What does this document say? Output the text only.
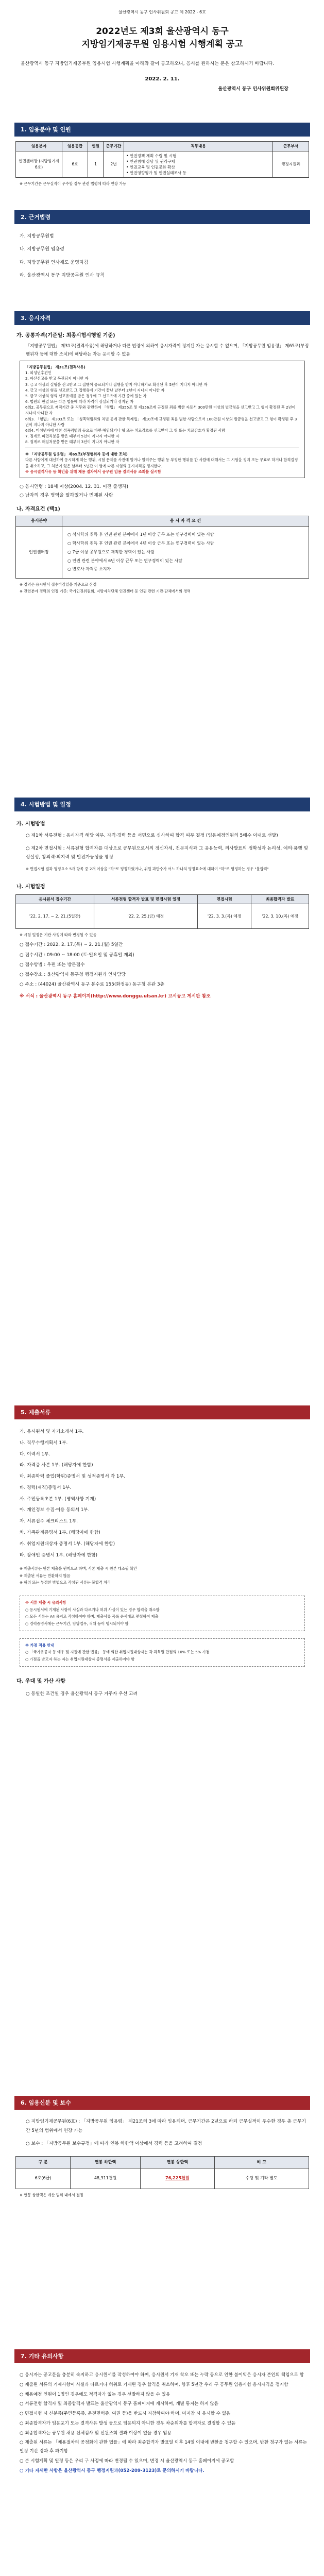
울산광역시 동구 인사위원회 공고 제 2022 - 6호
2022년도 제3회 울산광역시 동구
지방임기제공무원 임용시험 시행계획 공고
울산광역시 동구 지방임기제공무원 임용시험 시행계획을 아래와 같이 공고하오니, 응시를 원하시는 분은 참고하시기 바랍니다.
2022. 2. 11.
울산광역시 동구 인사위원회위원장
1. 임용분야 및 인원
임용분야	임용등급	인원	근무기간	직무내용	근무부서
인권센터장 (지방임기제 6호)	6호	1	2년	• 인권정책 계획 수립 및 시행
• 인권침해 상담 및 권리구제
• 인권교육 및 인권문화 확산
• 인권영향평가 및 인권실태조사 등	행정지원과
※ 근무기간은 근무실적이 우수할 경우 관련 법령에 따라 연장 가능
2. 근거법령
가. 지방공무원법
나. 지방공무원 임용령
다. 지방공무원 인사제도 운영지침
라. 울산광역시 동구 지방공무원 인사 규칙
3. 응시자격
가. 공통자격(기준일: 최종시험시행일 기준)
「지방공무원법」 제31조(결격사유)에 해당하거나 다른 법령에 의하여 응시자격이 정지된 자는 응시할 수 없으며, 「지방공무원 임용령」 제65조(부정행위자 등에 대한 조치)에 해당하는 자는 응시할 수 없음
「지방공무원법」 제31조(결격사유)
1. 피성년후견인
2. 파산선고를 받고 복권되지 아니한 자
3. 금고 이상의 실형을 선고받고 그 집행이 종료되거나 집행을 받지 아니하기로 확정된 후 5년이 지나지 아니한 자
4. 금고 이상의 형을 선고받고 그 집행유예 기간이 끝난 날부터 2년이 지나지 아니한 자
5. 금고 이상의 형의 선고유예를 받은 경우에 그 선고유예 기간 중에 있는 자
6. 법원의 판결 또는 다른 법률에 따라 자격이 상실되거나 정지된 자
6의2. 공무원으로 재직기간 중 직무와 관련하여 「형법」 제355조 및 제356조에 규정된 죄를 범한 자로서 300만원 이상의 벌금형을 선고받고 그 형이 확정된 후 2년이 지나지 아니한 자
6의3. 「형법」 제303조 또는 「성폭력범죄의 처벌 등에 관한 특례법」 제10조에 규정된 죄를 범한 사람으로서 100만원 이상의 벌금형을 선고받고 그 형이 확정된 후 3년이 지나지 아니한 사람
6의4. 미성년자에 대한 성폭력범죄 등으로 파면·해임되거나 형 또는 치료감호를 선고받아 그 형 또는 치료감호가 확정된 사람
7. 징계로 파면처분을 받은 때부터 5년이 지나지 아니한 자
8. 징계로 해임처분을 받은 때부터 3년이 지나지 아니한 자
※ 「지방공무원 임용령」 제65조(부정행위자 등에 대한 조치)
다른 사람에게 대신하여 응시하게 하는 행위, 시험 문제를 사전에 알거나 알려주는 행위 등 부정한 행위를 한 사람에 대해서는 그 시험을 정지 또는 무효로 하거나 합격결정을 취소하고, 그 처분이 있은 날부터 5년간 이 영에 따른 시험의 응시자격을 정지한다.
※ 응시결격사유 등 확인을 위해 채용 절차에서 공무원 임용 결격사유 조회를 실시함
○ 응시연령 : 18세 이상(2004. 12. 31. 이전 출생자)
○ 남자의 경우 병역을 필하였거나 면제된 사람
나. 자격요건 (택1)
응시분야	응 시 자 격 요 건
인권센터장	○ 석사학위 취득 후 인권 관련 분야에서 1년 이상 근무 또는 연구경력이 있는 사람
○ 학사학위 취득 후 인권 관련 분야에서 4년 이상 근무 또는 연구경력이 있는 사람
○ 7급 이상 공무원으로 재직한 경력이 있는 사람
○ 인권 관련 분야에서 6년 이상 근무 또는 연구경력이 있는 사람
○ 변호사 자격증 소지자
※ 경력은 응시원서 접수마감일을 기준으로 산정
※ 관련분야 경력의 인정 기준: 국가인권위원회, 지방자치단체 인권센터 등 인권 관련 기관·단체에서의 경력
4. 시험방법 및 일정
가. 시험방법
○ 제1차 서류전형 : 응시자격 해당 여부, 자격·경력 등을 서면으로 심사하여 합격 여부 결정 (임용예정인원의 5배수 이내로 선발)
○ 제2차 면접시험 : 서류전형 합격자를 대상으로 공무원으로서의 정신자세, 전문지식과 그 응용능력, 의사발표의 정확성과 논리성, 예의·품행 및 성실성, 창의력·의지력 및 발전가능성을 평정
※ 면접시험 결과 평정요소 5개 항목 중 2개 이상을 "하"로 평정하였거나, 위원 과반수가 어느 하나의 평정요소에 대하여 "하"로 평정하는 경우 "불합격"
나. 시험일정
응시원서 접수기간	서류전형 합격자 발표 및 면접시험 일정	면접시험	최종합격자 발표
'22. 2. 17. ~ 2. 21.(5일간)	'22. 2. 25.(금) 예정	'22. 3. 3.(목) 예정	'22. 3. 10.(목) 예정
※ 시험 일정은 기관 사정에 따라 변경될 수 있음
○ 접수기간 : 2022. 2. 17.(목) ~ 2. 21.(월) 5일간
○ 접수시간 : 09:00 ~ 18:00 (토·일요일 및 공휴일 제외)
○ 접수방법 : 우편 또는 방문접수
○ 접수장소 : 울산광역시 동구청 행정지원과 인사담당
○ 주소 : (44024) 울산광역시 동구 봉수로 155(화정동) 동구청 본관 3층
※ 서식 : 울산광역시 동구 홈페이지(http://www.donggu.ulsan.kr) 고시공고 게시판 참조
5. 제출서류
가. 응시원서 및 자기소개서 1부.
나. 직무수행계획서 1부.
다. 이력서 1부.
라. 자격증 사본 1부. (해당자에 한함)
마. 최종학력 졸업(학위)증명서 및 성적증명서 각 1부.
바. 경력(재직)증명서 1부.
사. 주민등록초본 1부. (병역사항 기재)
아. 개인정보 수집·이용 동의서 1부.
자. 서류접수 체크리스트 1부.
차. 가족관계증명서 1부. (해당자에 한함)
카. 취업지원대상자 증명서 1부. (해당자에 한함)
타. 장애인 증명서 1부. (해당자에 한함)
※ 제출서류는 원본 제출을 원칙으로 하며, 사본 제출 시 원본 대조필 확인
※ 제출된 서류는 반환하지 않음
※ 허위 또는 부정한 방법으로 작성된 서류는 불합격 처리
※ 서류 제출 시 유의사항
○ 응시원서에 기재된 사항이 사실과 다르거나 허위 사실이 있는 경우 합격을 취소함
○ 모든 서류는 A4 용지로 작성하여야 하며, 제출서류 목록 순서대로 편철하여 제출
○ 경력증명서에는 근무기간, 담당업무, 직위 등이 명시되어야 함
※ 가점 적용 안내
○ 「국가유공자 등 예우 및 지원에 관한 법률」 등에 의한 취업지원대상자는 각 과목별 만점의 10% 또는 5% 가점
○ 가점을 받고자 하는 자는 취업지원대상자 증명서를 제출하여야 함
다. 우대 및 가산 사항
○ 동일한 조건일 경우 울산광역시 동구 거주자 우선 고려
6. 임용신분 및 보수
○ 지방임기제공무원(6호) : 「지방공무원 임용령」 제21조의 3에 따라 임용되며, 근무기간은 2년으로 하되 근무실적이 우수한 경우 총 근무기간 5년의 범위에서 연장 가능
○ 보수 : 「지방공무원 보수규정」에 따라 연봉 하한액 이상에서 경력 등을 고려하여 결정
구 분	연봉 하한액	연봉 상한액	비 고
6호(6급)	48,311천원	76,225천원	수당 및 기타 별도
※ 연봉 상한액은 예산 범위 내에서 결정
7. 기타 유의사항
○ 응시자는 공고문을 충분히 숙지하고 응시원서를 작성하여야 하며, 응시원서 기재 착오 또는 누락 등으로 인한 불이익은 응시자 본인의 책임으로 함
○ 제출된 서류의 기재사항이 사실과 다르거나 허위로 기재된 경우 합격을 취소하며, 향후 5년간 우리 구 공무원 임용시험 응시자격을 정지함
○ 채용예정 인원이 1명인 경우에도 적격자가 없는 경우 선발하지 않을 수 있음
○ 서류전형 합격자 및 최종합격자 발표는 울산광역시 동구 홈페이지에 게시하며, 개별 통지는 하지 않음
○ 면접시험 시 신분증(주민등록증, 운전면허증, 여권 등)을 반드시 지참하여야 하며, 미지참 시 응시할 수 없음
○ 최종합격자가 임용포기 또는 결격사유 발생 등으로 임용되지 아니한 경우 차순위자를 합격자로 결정할 수 있음
○ 최종합격자는 공무원 채용 신체검사 및 신원조회 결과 이상이 없을 경우 임용
○ 제출된 서류는 「채용절차의 공정화에 관한 법률」에 따라 최종합격자 발표일 이후 14일 이내에 반환을 청구할 수 있으며, 반환 청구가 없는 서류는 일정 기간 경과 후 파기함
○ 본 시험계획 및 일정 등은 우리 구 사정에 따라 변경될 수 있으며, 변경 시 울산광역시 동구 홈페이지에 공고함
○ 기타 자세한 사항은 울산광역시 동구 행정지원과(052-209-3123)로 문의하시기 바랍니다.
